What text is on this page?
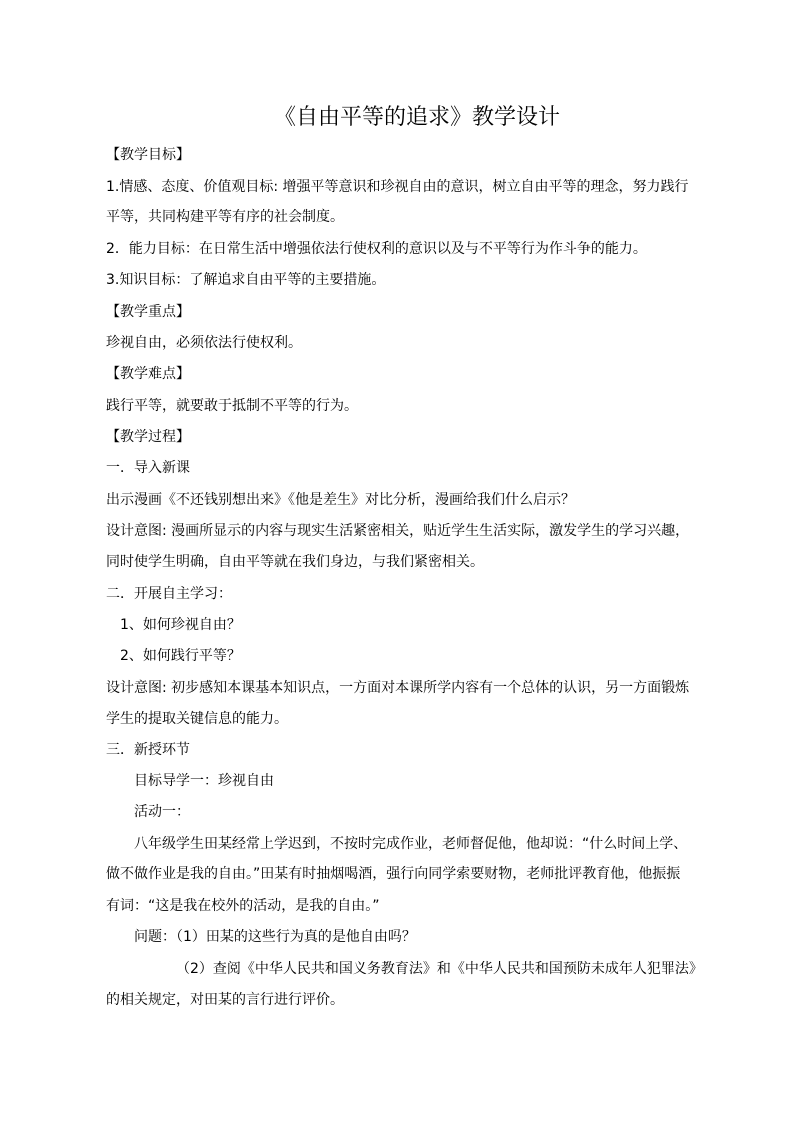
《自由平等的追求》教学设计
【教学目标】
1.情感、态度、价值观目标: 增强平等意识和珍视自由的意识，树立自由平等的理念，努力践行
平等，共同构建平等有序的社会制度。
2．能力目标：在日常生活中增强依法行使权利的意识以及与不平等行为作斗争的能力。
3.知识目标：了解追求自由平等的主要措施。
【教学重点】
珍视自由，必须依法行使权利。
【教学难点】
践行平等，就要敢于抵制不平等的行为。
【教学过程】
一．导入新课
出示漫画《不还钱别想出来》《他是差生》对比分析，漫画给我们什么启示？
设计意图: 漫画所显示的内容与现实生活紧密相关，贴近学生生活实际，激发学生的学习兴趣，
同时使学生明确，自由平等就在我们身边，与我们紧密相关。
二．开展自主学习：
1、如何珍视自由？
2、如何践行平等？
设计意图: 初步感知本课基本知识点，一方面对本课所学内容有一个总体的认识，另一方面锻炼
学生的提取关键信息的能力。
三．新授环节
目标导学一：珍视自由
活动一：
八年级学生田某经常上学迟到，不按时完成作业，老师督促他，他却说：“什么时间上学、
做不做作业是我的自由。”田某有时抽烟喝酒，强行向同学索要财物，老师批评教育他，他振振
有词：“这是我在校外的活动，是我的自由。”
问题：（1）田某的这些行为真的是他自由吗？
（2）查阅《中华人民共和国义务教育法》和《中华人民共和国预防未成年人犯罪法》
的相关规定，对田某的言行进行评价。
